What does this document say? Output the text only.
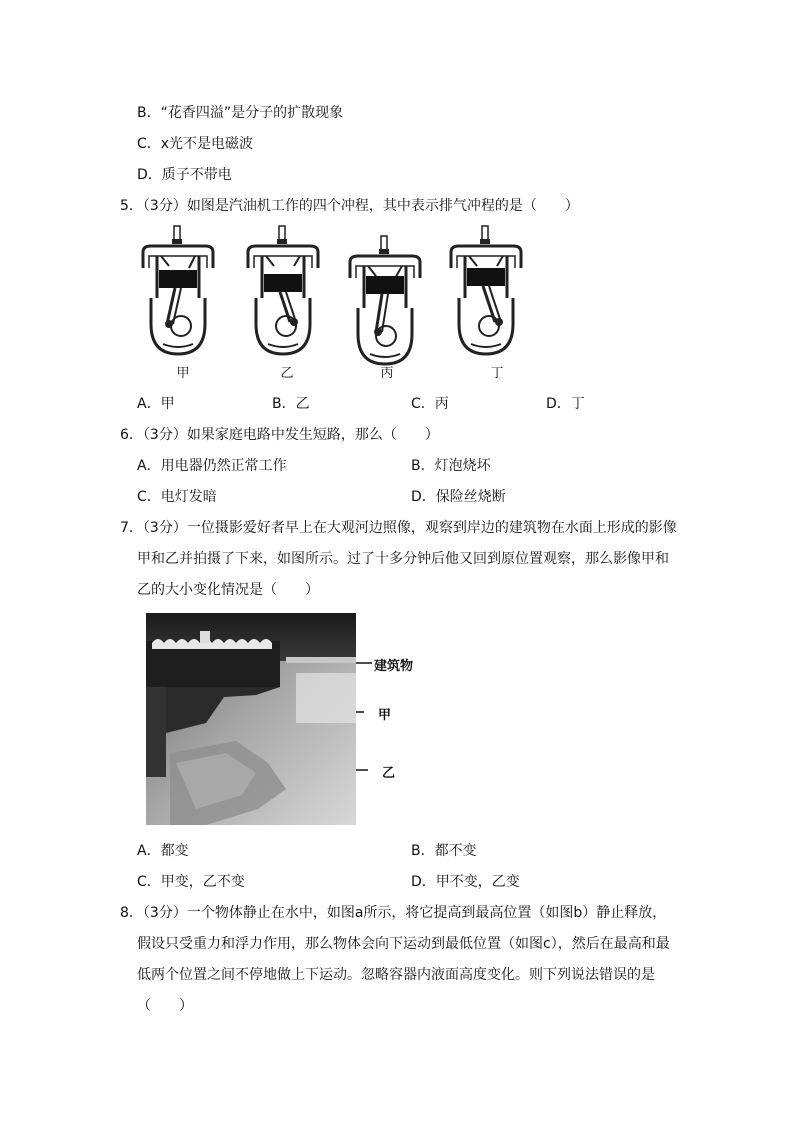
B．“花香四溢”是分子的扩散现象
C．x光不是电磁波
D．质子不带电
5．（3分）如图是汽油机工作的四个冲程，其中表示排气冲程的是（　　）
甲	乙	丙	丁
A．甲	B．乙	C．丙	D．丁
6．（3分）如果家庭电路中发生短路，那么（　　）
A．用电器仍然正常工作	B．灯泡烧坏
C．电灯发暗	D．保险丝烧断
7．（3分）一位摄影爱好者早上在大观河边照像，观察到岸边的建筑物在水面上形成的影像
甲和乙并拍摄了下来，如图所示。过了十多分钟后他又回到原位置观察，那么影像甲和
乙的大小变化情况是（　　）
建筑物
甲
乙
A．都变	B．都不变
C．甲变，乙不变	D．甲不变，乙变
8．（3分）一个物体静止在水中，如图a所示，将它提高到最高位置（如图b）静止释放，
假设只受重力和浮力作用，那么物体会向下运动到最低位置（如图c），然后在最高和最
低两个位置之间不停地做上下运动。忽略容器内液面高度变化。则下列说法错误的是
（　　）
